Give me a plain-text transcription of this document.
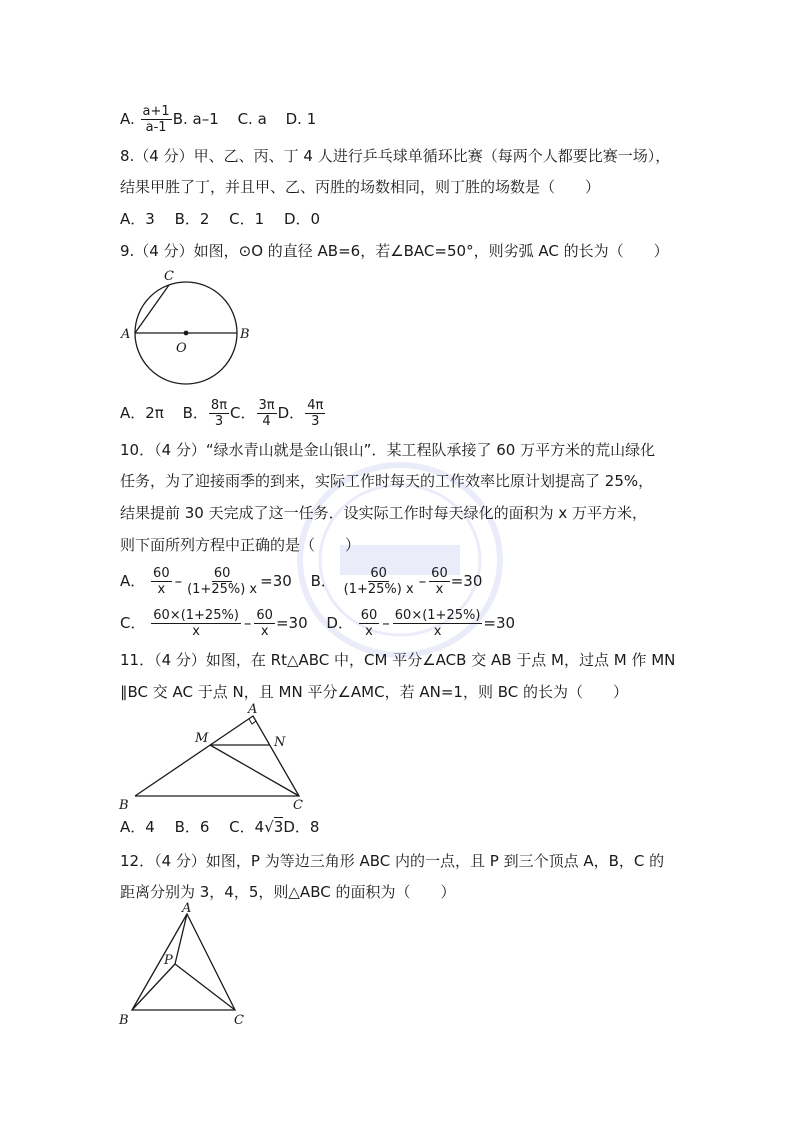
A. $\frac{a+1}{a-1} B$. a–1 C. a D. 1
8.（4 分）甲、乙、丙、丁 4 人进行乒乓球单循环比赛（每两个人都要比赛一场），
结果甲胜了丁，并且甲、乙、丙胜的场数相同，则丁胜的场数是（　　）
A．3　 B．2　 C．1　 D．0
9.（4 分）如图，⊙O 的直径 AB=6，若∠BAC=50°，则劣弧 AC 的长为（　　）
A	B
C
O
A．2π B． $\frac{8\pi}{3}$ C． $\frac{3\pi}{4}$ D． $\frac{4\pi}{3}$
10．（4 分）“绿水青山就是金山银山”．某工程队承接了 60 万平方米的荒山绿化
任务，为了迎接雨季的到来，实际工作时每天的工作效率比原计划提高了 25%，
结果提前 30 天完成了这一任务．设实际工作时每天绿化的面积为 x 万平方米，
则下面所列方程中正确的是（　　）
A． $\frac{60}{x} - \frac{60}{(1+25\%) x} =30$ B． $\frac{60}{(1+25\%) x} - \frac{60}{x} =30$
C． $\frac{60\times(1+25\%)}{x} - \frac{60}{x} =30$ D． $\frac{60}{x} - \frac{60\times(1+25\%)}{x} =30$
11．（4 分）如图，在 Rt△ABC 中，CM 平分∠ACB 交 AB 于点 M，过点 M 作 MN
∥BC 交 AC 于点 N，且 MN 平分∠AMC，若 AN=1，则 BC 的长为（　　）
A
B	C
M	N
A．4　 B．6　 C．4√3D．8
12．（4 分）如图，P 为等边三角形 ABC 内的一点，且 P 到三个顶点 A，B，C 的
距离分别为 3，4，5，则△ABC 的面积为（　　）
A
B	C
P
